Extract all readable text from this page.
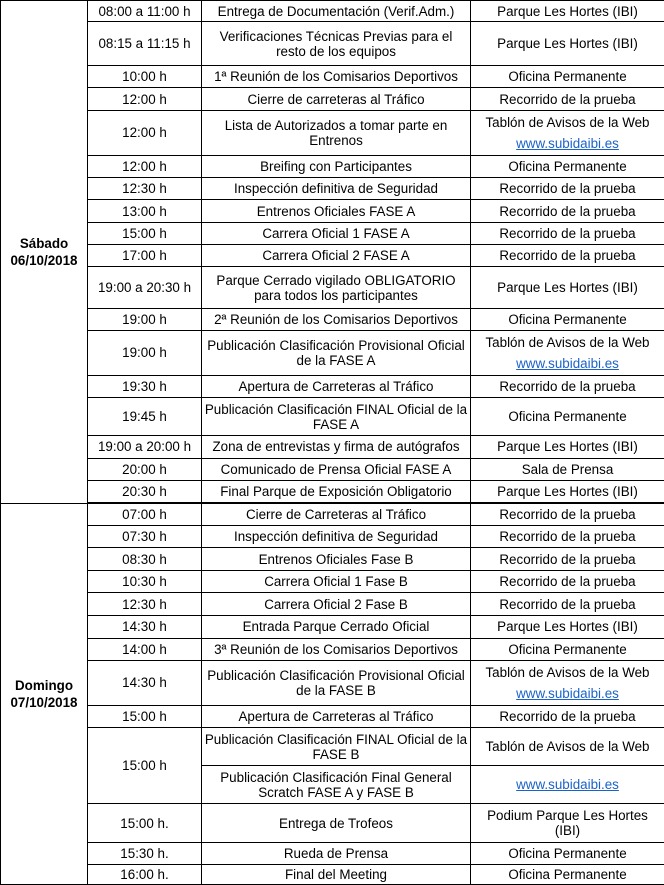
Sábado
06/10/2018	08:00 a 11:00 h	Entrega de Documentación (Verif.Adm.)	Parque Les Hortes (IBI)
	08:15 a 11:15 h	Verificaciones Técnicas Previas para el resto de los equipos	Parque Les Hortes (IBI)
	10:00 h	1ª Reunión de los Comisarios Deportivos	Oficina Permanente
	12:00 h	Cierre de carreteras al Tráfico	Recorrido de la prueba
	12:00 h	Lista de Autorizados a tomar parte en Entrenos	Tablón de Avisos de la Web
www.subidaibi.es

	12:00 h	Breifing con Participantes	Oficina Permanente
	12:30 h	Inspección definitiva de Seguridad	Recorrido de la prueba
	13:00 h	Entrenos Oficiales FASE A	Recorrido de la prueba
	15:00 h	Carrera Oficial 1 FASE A	Recorrido de la prueba
	17:00 h	Carrera Oficial 2 FASE A	Recorrido de la prueba
	19:00 a 20:30 h	Parque Cerrado vigilado OBLIGATORIO para todos los participantes	Parque Les Hortes (IBI)
	19:00 h	2ª Reunión de los Comisarios Deportivos	Oficina Permanente
	19:00 h	Publicación Clasificación Provisional Oficial de la FASE A	Tablón de Avisos de la Web
www.subidaibi.es

	19:30 h	Apertura de Carreteras al Tráfico	Recorrido de la prueba
	19:45 h	Publicación Clasificación FINAL Oficial de la FASE A	Oficina Permanente
	19:00 a 20:00 h	Zona de entrevistas y firma de autógrafos	Parque Les Hortes (IBI)
	20:00 h	Comunicado de Prensa Oficial FASE A	Sala de Prensa
	20:30 h	Final Parque de Exposición Obligatorio	Parque Les Hortes (IBI)

Domingo
07/10/2018	07:00 h	Cierre de Carreteras al Tráfico	Recorrido de la prueba
	07:30 h	Inspección definitiva de Seguridad	Recorrido de la prueba
	08:30 h	Entrenos Oficiales Fase B	Recorrido de la prueba
	10:30 h	Carrera Oficial 1 Fase B	Recorrido de la prueba
	12:30 h	Carrera Oficial 2 Fase B	Recorrido de la prueba
	14:30 h	Entrada Parque Cerrado Oficial	Parque Les Hortes (IBI)
	14:00 h	3ª Reunión de los Comisarios Deportivos	Oficina Permanente
	14:30 h	Publicación Clasificación Provisional Oficial de la FASE B	Tablón de Avisos de la Web
www.subidaibi.es

	15:00 h	Apertura de Carreteras al Tráfico	Recorrido de la prueba
	15:00 h	Publicación Clasificación FINAL Oficial de la FASE B	Tablón de Avisos de la Web
		Publicación Clasificación Final General Scratch FASE A y FASE B	www.subidaibi.es

	15:00 h.	Entrega de Trofeos	Podium Parque Les Hortes (IBI)
	15:30 h.	Rueda de Prensa	Oficina Permanente
	16:00 h.	Final del Meeting	Oficina Permanente
